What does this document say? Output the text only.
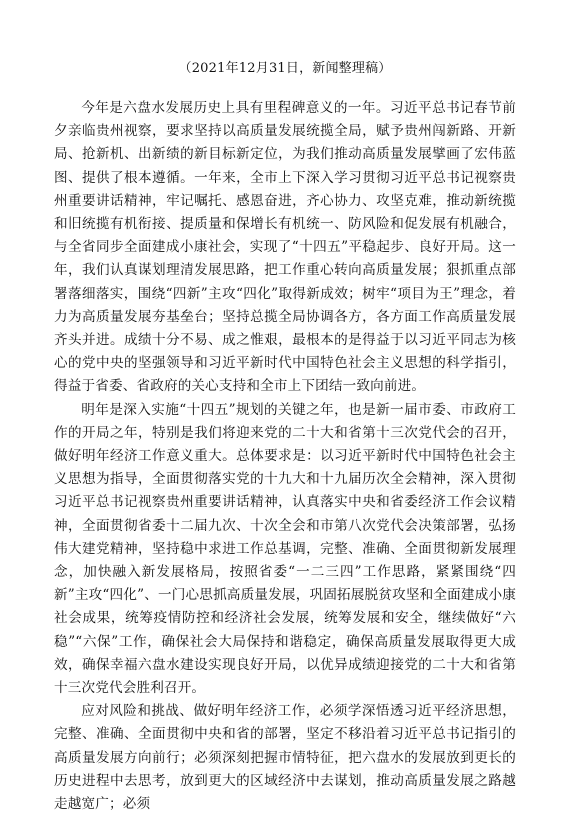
（2021年12月31日，新闻整理稿）

今年是六盘水发展历史上具有里程碑意义的一年。习近平总书记春节前夕亲临贵州视察，要求坚持以高质量发展统揽全局，赋予贵州闯新路、开新局、抢新机、出新绩的新目标新定位，为我们推动高质量发展擘画了宏伟蓝图、提供了根本遵循。一年来，全市上下深入学习贯彻习近平总书记视察贵州重要讲话精神，牢记嘱托、感恩奋进，齐心协力、攻坚克难，推动新统揽和旧统揽有机衔接、提质量和保增长有机统一、防风险和促发展有机融合，与全省同步全面建成小康社会，实现了“十四五”平稳起步、良好开局。这一年，我们认真谋划理清发展思路，把工作重心转向高质量发展；狠抓重点部署落细落实，围绕“四新”主攻“四化”取得新成效；树牢“项目为王”理念，着力为高质量发展夯基垒台；坚持总揽全局协调各方，各方面工作高质量发展齐头并进。成绩十分不易、成之惟艰，最根本的是得益于以习近平同志为核心的党中央的坚强领导和习近平新时代中国特色社会主义思想的科学指引，得益于省委、省政府的关心支持和全市上下团结一致向前进。

明年是深入实施“十四五”规划的关键之年，也是新一届市委、市政府工作的开局之年，特别是我们将迎来党的二十大和省第十三次党代会的召开，做好明年经济工作意义重大。总体要求是：以习近平新时代中国特色社会主义思想为指导，全面贯彻落实党的十九大和十九届历次全会精神，深入贯彻习近平总书记视察贵州重要讲话精神，认真落实中央和省委经济工作会议精神，全面贯彻省委十二届九次、十次全会和市第八次党代会决策部署，弘扬伟大建党精神，坚持稳中求进工作总基调，完整、准确、全面贯彻新发展理念，加快融入新发展格局，按照省委“一二三四”工作思路，紧紧围绕“四新”主攻“四化”、一门心思抓高质量发展，巩固拓展脱贫攻坚和全面建成小康社会成果，统筹疫情防控和经济社会发展，统筹发展和安全，继续做好“六稳”“六保”工作，确保社会大局保持和谐稳定，确保高质量发展取得更大成效，确保幸福六盘水建设实现良好开局，以优异成绩迎接党的二十大和省第十三次党代会胜利召开。

应对风险和挑战、做好明年经济工作，必须学深悟透习近平经济思想，完整、准确、全面贯彻中央和省的部署，坚定不移沿着习近平总书记指引的高质量发展方向前行；必须深刻把握市情特征，把六盘水的发展放到更长的历史进程中去思考，放到更大的区域经济中去谋划，推动高质量发展之路越走越宽广；必须
